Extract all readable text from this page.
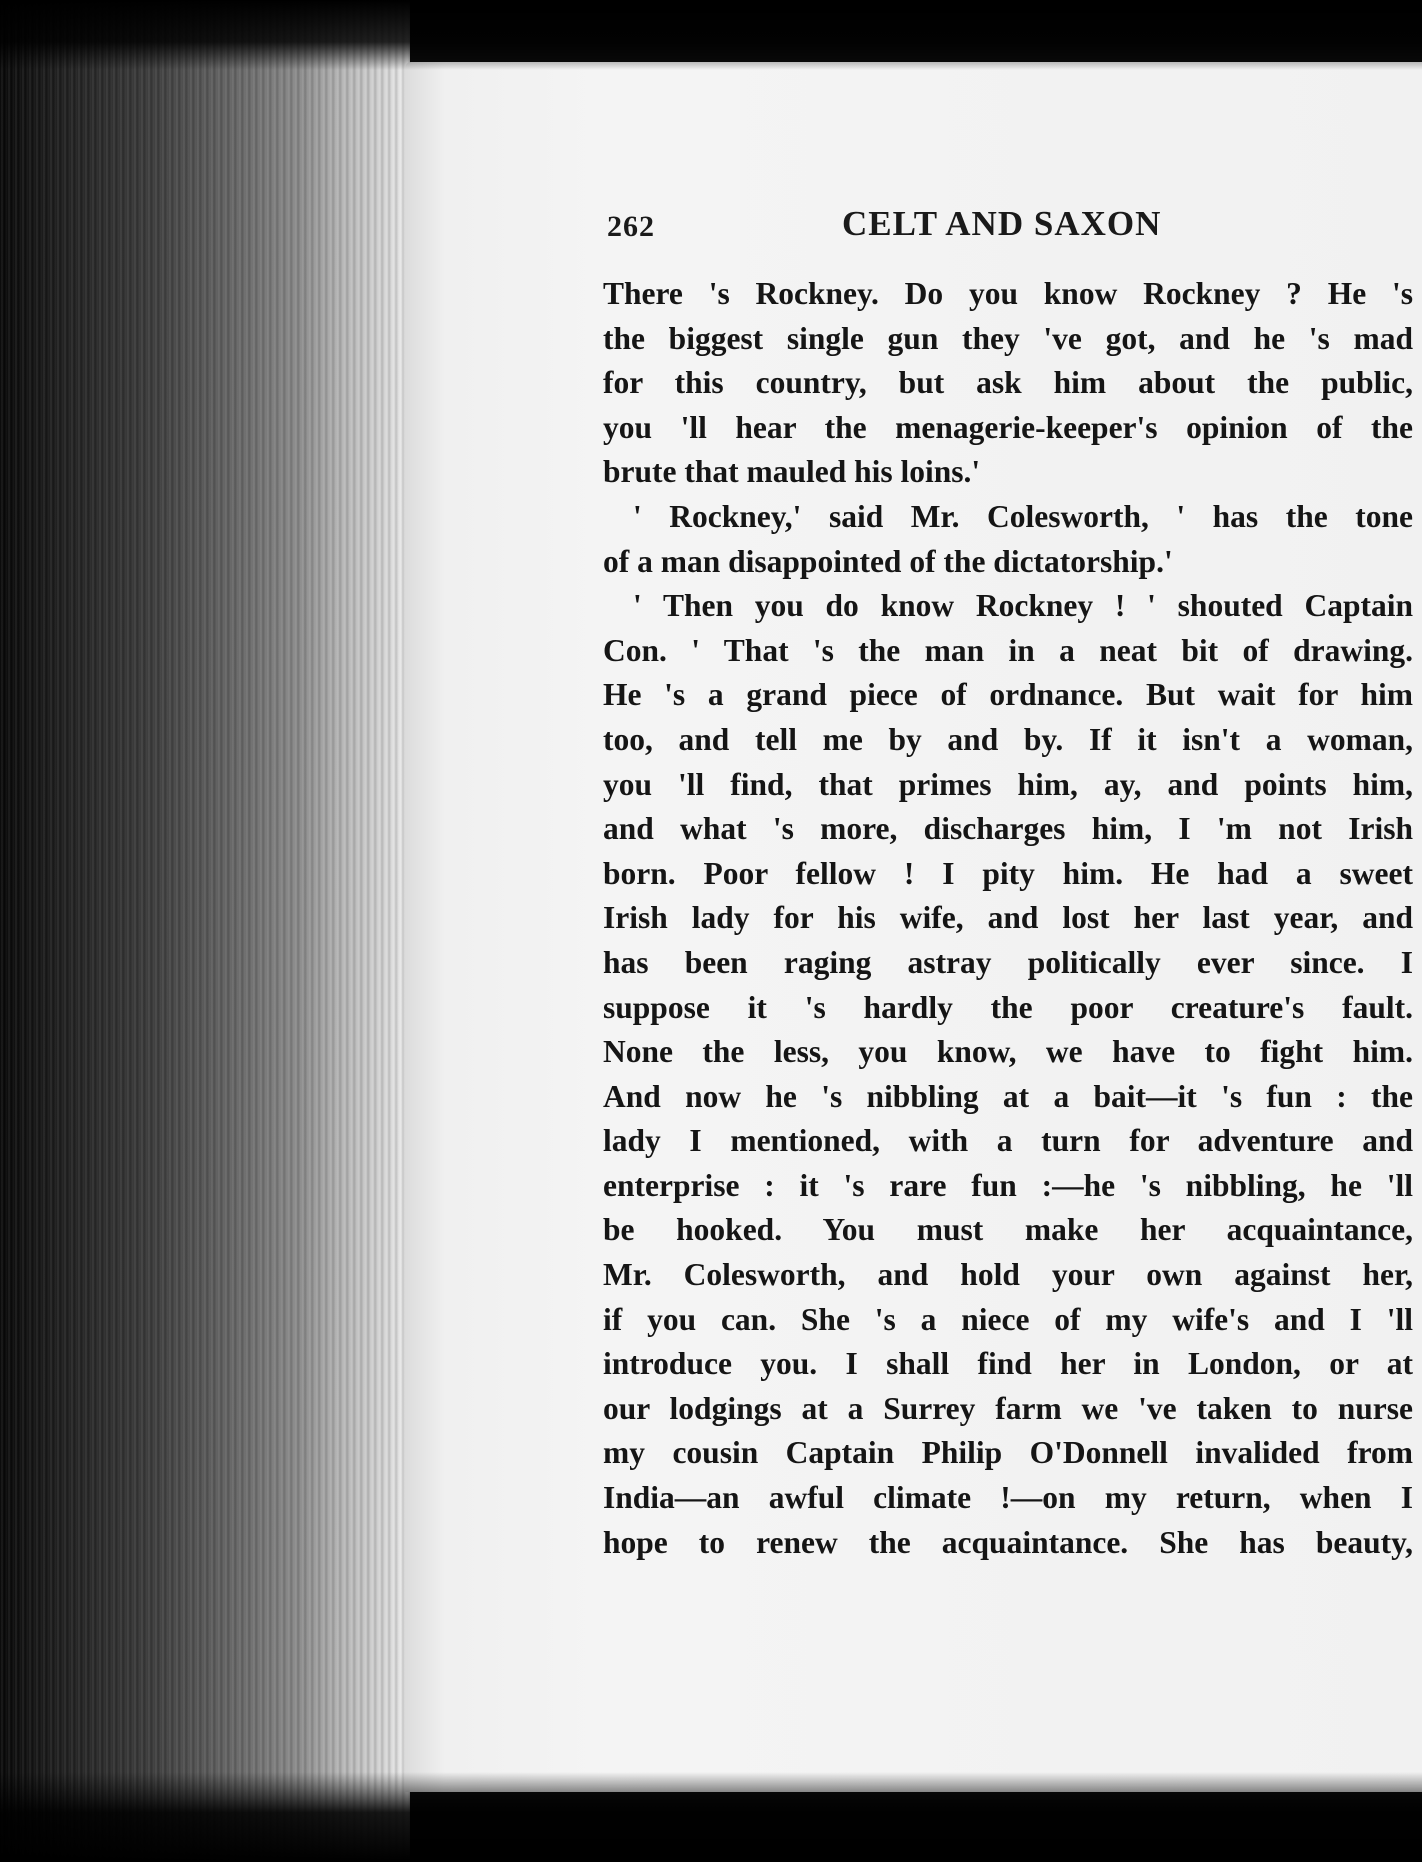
262	CELT AND SAXON
There 's Rockney. Do you know Rockney ? He 's
the biggest single gun they 've got, and he 's mad
for this country, but ask him about the public,
you 'll hear the menagerie-keeper's opinion of the
brute that mauled his loins.'
' Rockney,' said Mr. Colesworth, ' has the tone
of a man disappointed of the dictatorship.'
' Then you do know Rockney ! ' shouted Captain
Con. ' That 's the man in a neat bit of drawing.
He 's a grand piece of ordnance. But wait for him
too, and tell me by and by. If it isn't a woman,
you 'll find, that primes him, ay, and points him,
and what 's more, discharges him, I 'm not Irish
born. Poor fellow ! I pity him. He had a sweet
Irish lady for his wife, and lost her last year, and
has been raging astray politically ever since. I
suppose it 's hardly the poor creature's fault.
None the less, you know, we have to fight him.
And now he 's nibbling at a bait—it 's fun : the
lady I mentioned, with a turn for adventure and
enterprise : it 's rare fun :—he 's nibbling, he 'll
be hooked. You must make her acquaintance,
Mr. Colesworth, and hold your own against her,
if you can. She 's a niece of my wife's and I 'll
introduce you. I shall find her in London, or at
our lodgings at a Surrey farm we 've taken to nurse
my cousin Captain Philip O'Donnell invalided from
India—an awful climate !—on my return, when I
hope to renew the acquaintance. She has beauty,
